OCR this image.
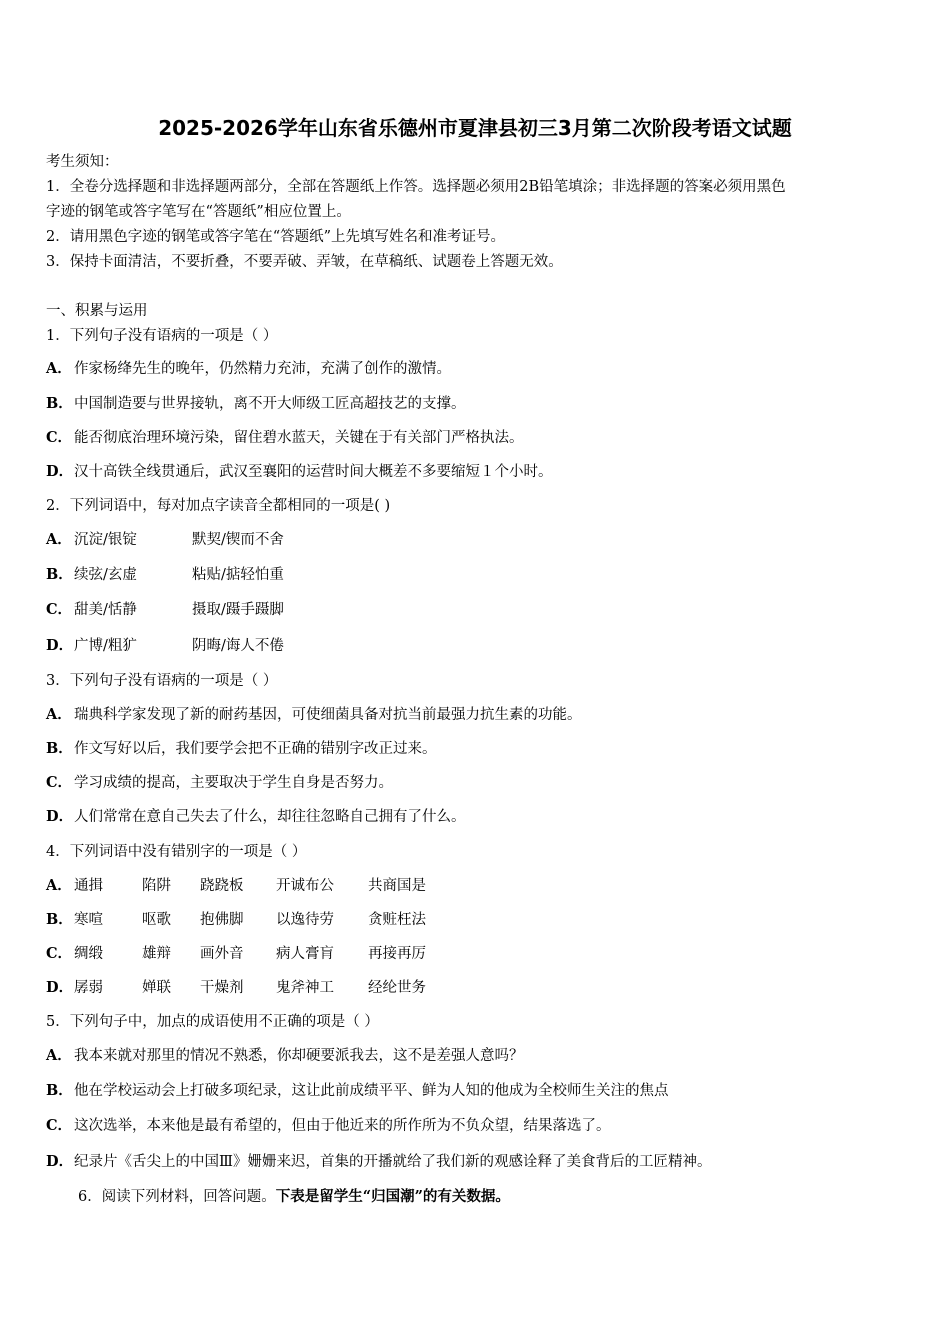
2025-2026学年山东省乐德州市夏津县初三3月第二次阶段考语文试题
考生须知：
1．全卷分选择题和非选择题两部分，全部在答题纸上作答。选择题必须用2B铅笔填涂；非选择题的答案必须用黑色
字迹的钢笔或答字笔写在“答题纸”相应位置上。
2．请用黑色字迹的钢笔或答字笔在“答题纸”上先填写姓名和准考证号。
3．保持卡面清洁，不要折叠，不要弄破、弄皱，在草稿纸、试题卷上答题无效。
一、积累与运用
1．下列句子没有语病的一项是（ ）
A． 作家杨绛先生的晚年，仍然精力充沛，充满了创作的激情。
B．中国制造要与世界接轨，离不开大师级工匠高超技艺的支撑。
C． 能否彻底治理环境污染，留住碧水蓝天，关键在于有关部门严格执法。
D．汉十高铁全线贯通后，武汉至襄阳的运营时间大概差不多要缩短１个小时。
2．下列词语中，每对加点字读音全都相同的一项是( )
A． 沉淀/银锭	默契/锲而不舍
B． 续弦/玄虚	粘贴/掂轻怕重
C． 甜美/恬静	摄取/蹑手蹑脚
D． 广博/粗犷	阴晦/诲人不倦
3．下列句子没有语病的一项是（ ）
A． 瑞典科学家发现了新的耐药基因，可使细菌具备对抗当前最强力抗生素的功能。
B．作文写好以后，我们要学会把不正确的错别字改正过来。
C． 学习成绩的提高，主要取决于学生自身是否努力。
D．人们常常在意自己失去了什么，却往往忽略自己拥有了什么。
4．下列词语中没有错别字的一项是（ ）
A． 通揖	陷阱 跷跷板 开诚布公 共商国是
B． 寒喧	呕歌 抱佛脚 以逸待劳 贪赃枉法
C． 绸缎	雄辩 画外音 病人膏肓 再接再厉
D． 孱弱	婵联 干燥剂 鬼斧神工 经纶世务
5．下列句子中，加点的成语使用不正确的项是（ ）
A． 我本来就对那里的情况不熟悉，你却硬要派我去，这不是差强人意吗？
B．他在学校运动会上打破多项纪录，这让此前成绩平平、鲜为人知的他成为全校师生关注的焦点
C． 这次选举，本来他是最有希望的，但由于他近来的所作所为不负众望，结果落选了。
D．纪录片《舌尖上的中国Ⅲ》姗姗来迟，首集的开播就给了我们新的观感诠释了美食背后的工匠精神。
6．阅读下列材料，回答问题。下表是留学生“归国潮”的有关数据。
